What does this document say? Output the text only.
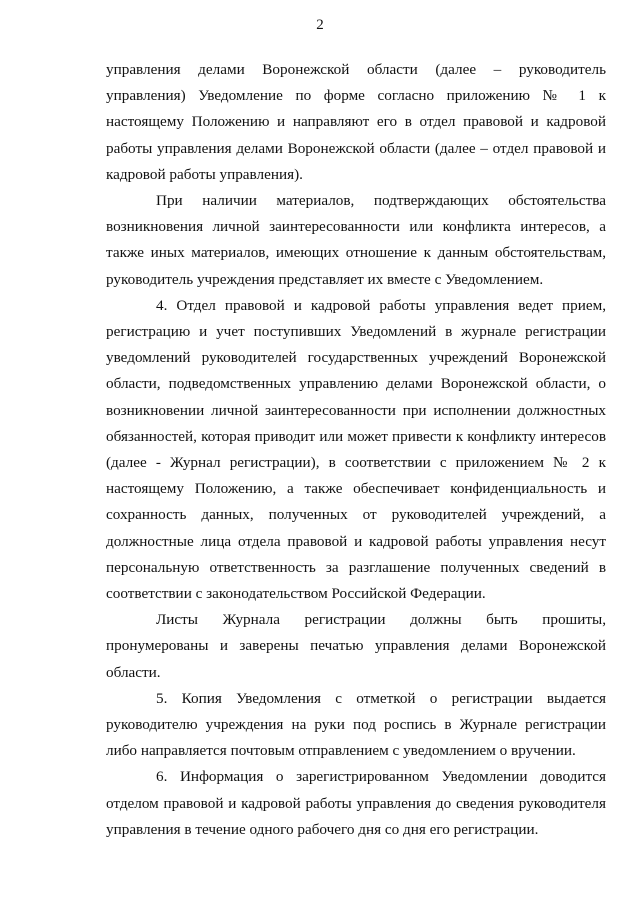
2

управления делами Воронежской области (далее – руководитель управления) Уведомление по форме согласно приложению № 1 к настоящему Положению и направляют его в отдел правовой и кадровой работы управления делами Воронежской области (далее – отдел правовой и кадровой работы управления).

При наличии материалов, подтверждающих обстоятельства возникновения личной заинтересованности или конфликта интересов, а также иных материалов, имеющих отношение к данным обстоятельствам, руководитель учреждения представляет их вместе с Уведомлением.

4. Отдел правовой и кадровой работы управления ведет прием, регистрацию и учет поступивших Уведомлений в журнале регистрации уведомлений руководителей государственных учреждений Воронежской области, подведомственных управлению делами Воронежской области, о возникновении личной заинтересованности при исполнении должностных обязанностей, которая приводит или может привести к конфликту интересов (далее - Журнал регистрации), в соответствии с приложением № 2 к настоящему Положению, а также обеспечивает конфиденциальность и сохранность данных, полученных от руководителей учреждений, а должностные лица отдела правовой и кадровой работы управления несут персональную ответственность за разглашение полученных сведений в соответствии с законодательством Российской Федерации.

Листы Журнала регистрации должны быть прошиты, пронумерованы и заверены печатью управления делами Воронежской области.

5. Копия Уведомления с отметкой о регистрации выдается руководителю учреждения на руки под роспись в Журнале регистрации либо направляется почтовым отправлением с уведомлением о вручении.

6. Информация о зарегистрированном Уведомлении доводится отделом правовой и кадровой работы управления до сведения руководителя управления в течение одного рабочего дня со дня его регистрации.
